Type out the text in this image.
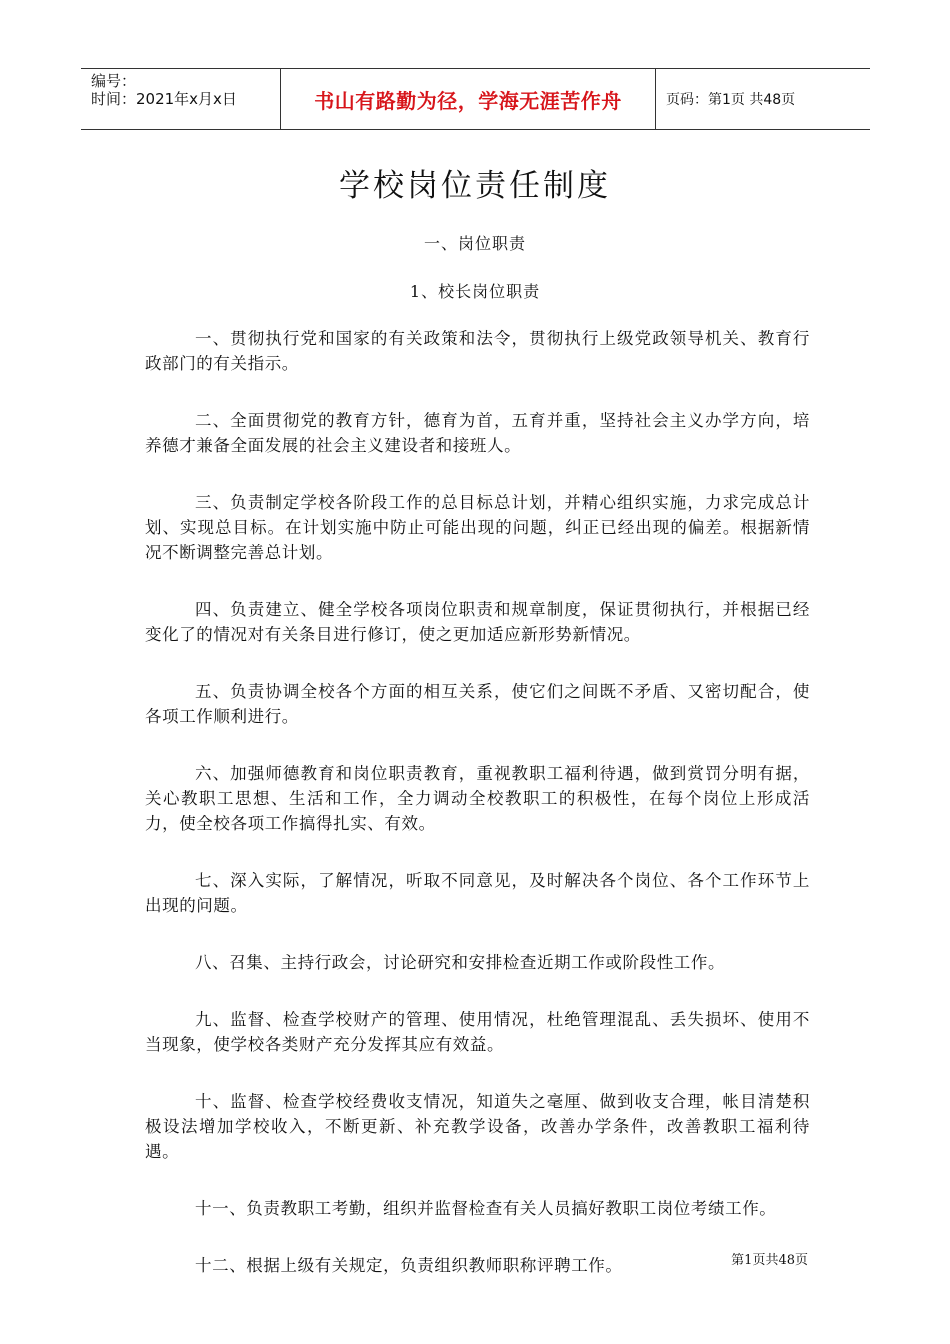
编号：
时间：2021年x月x日	书山有路勤为径，学海无涯苦作舟	页码：第1页 共48页
学校岗位责任制度
一、岗位职责
1、校长岗位职责

一、贯彻执行党和国家的有关政策和法令，贯彻执行上级党政领导机关、教育行政部门的有关指示。

二、全面贯彻党的教育方针，德育为首，五育并重，坚持社会主义办学方向，培养德才兼备全面发展的社会主义建设者和接班人。

三、负责制定学校各阶段工作的总目标总计划，并精心组织实施，力求完成总计划、实现总目标。在计划实施中防止可能出现的问题，纠正已经出现的偏差。根据新情况不断调整完善总计划。

四、负责建立、健全学校各项岗位职责和规章制度，保证贯彻执行，并根据已经变化了的情况对有关条目进行修订，使之更加适应新形势新情况。

五、负责协调全校各个方面的相互关系，使它们之间既不矛盾、又密切配合，使各项工作顺利进行。

六、加强师德教育和岗位职责教育，重视教职工福利待遇，做到赏罚分明有据，关心教职工思想、生活和工作，全力调动全校教职工的积极性，在每个岗位上形成活力，使全校各项工作搞得扎实、有效。

七、深入实际，了解情况，听取不同意见，及时解决各个岗位、各个工作环节上出现的问题。

八、召集、主持行政会，讨论研究和安排检查近期工作或阶段性工作。

九、监督、检查学校财产的管理、使用情况，杜绝管理混乱、丢失损坏、使用不当现象，使学校各类财产充分发挥其应有效益。

十、监督、检查学校经费收支情况，知道失之毫厘、做到收支合理，帐目清楚积极设法增加学校收入，不断更新、补充教学设备，改善办学条件，改善教职工福利待遇。

十一、负责教职工考勤，组织并监督检查有关人员搞好教职工岗位考绩工作。

十二、根据上级有关规定，负责组织教师职称评聘工作。	第1页共48页
